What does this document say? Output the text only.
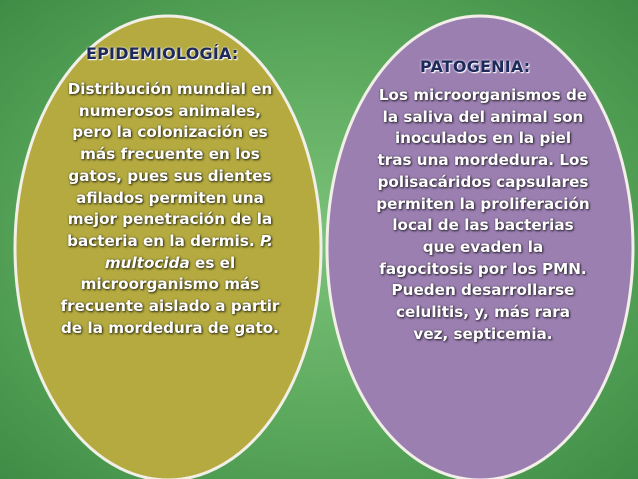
EPIDEMIOLOGÍA:
PATOGENIA:
Distribución mundial en numerosos animales, pero la colonización es más frecuente en los gatos, pues sus dientes afilados permiten una mejor penetración de la bacteria en la dermis. P. multocida es el microorganismo más frecuente aislado a partir de la mordedura de gato.
Los microorganismos de la saliva del animal son inoculados en la piel tras una mordedura. Los polisacáridos capsulares permiten la proliferación local de las bacterias que evaden la fagocitosis por los PMN. Pueden desarrollarse celulitis, y, más rara vez, septicemia.
